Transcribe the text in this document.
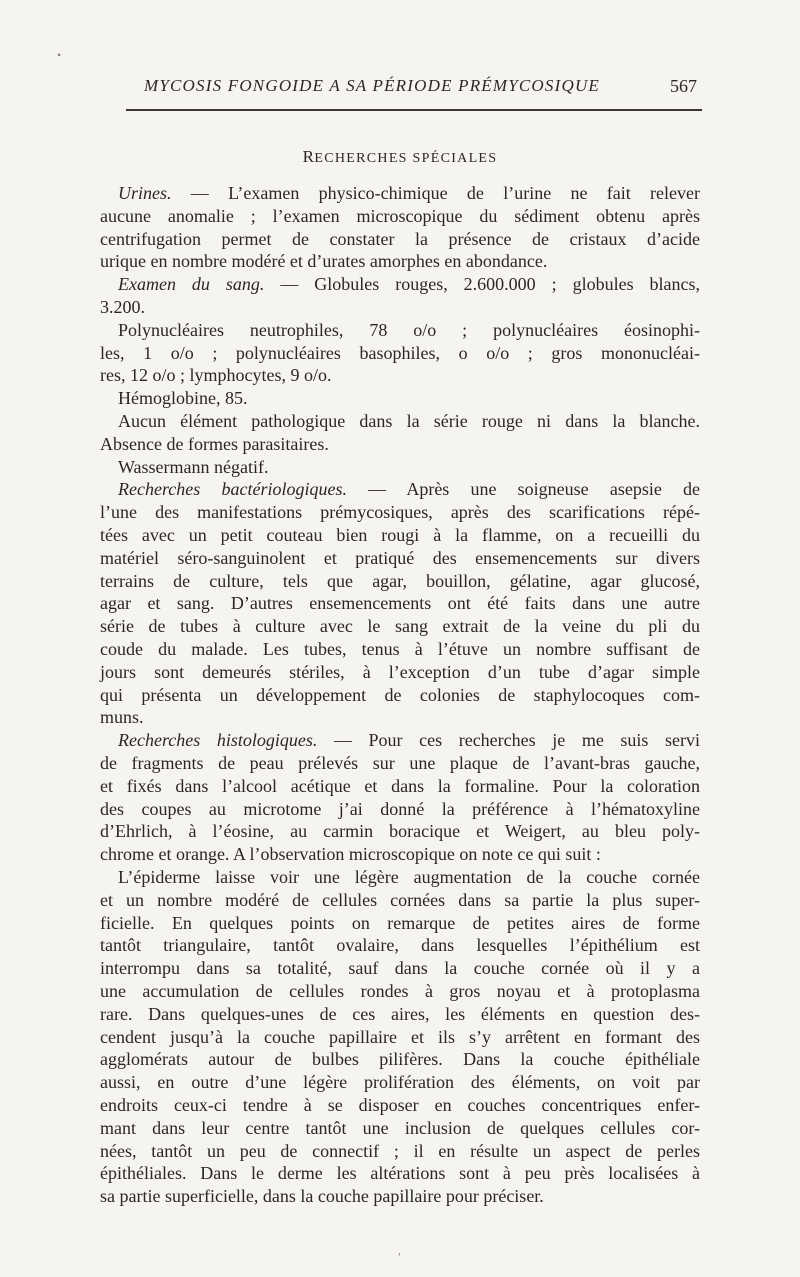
MYCOSIS FONGOIDE A SA PÉRIODE PRÉMYCOSIQUE	567
RECHERCHES SPÉCIALES
Urines. — L’examen physico-chimique de l’urine ne fait relever
aucune anomalie ; l’examen microscopique du sédiment obtenu après
centrifugation permet de constater la présence de cristaux d’acide
urique en nombre modéré et d’urates amorphes en abondance.
Examen du sang. — Globules rouges, 2.600.000 ; globules blancs,
3.200.
Polynucléaires neutrophiles, 78 o/o ; polynucléaires éosinophi-
les, 1 o/o ; polynucléaires basophiles, o o/o ; gros mononucléai-
res, 12 o/o ; lymphocytes, 9 o/o.
Hémoglobine, 85.
Aucun élément pathologique dans la série rouge ni dans la blanche.
Absence de formes parasitaires.
Wassermann négatif.
Recherches bactériologiques. — Après une soigneuse asepsie de
l’une des manifestations prémycosiques, après des scarifications répé-
tées avec un petit couteau bien rougi à la flamme, on a recueilli du
matériel séro-sanguinolent et pratiqué des ensemencements sur divers
terrains de culture, tels que agar, bouillon, gélatine, agar glucosé,
agar et sang. D’autres ensemencements ont été faits dans une autre
série de tubes à culture avec le sang extrait de la veine du pli du
coude du malade. Les tubes, tenus à l’étuve un nombre suffisant de
jours sont demeurés stériles, à l’exception d’un tube d’agar simple
qui présenta un développement de colonies de staphylocoques com-
muns.
Recherches histologiques. — Pour ces recherches je me suis servi
de fragments de peau prélevés sur une plaque de l’avant-bras gauche,
et fixés dans l’alcool acétique et dans la formaline. Pour la coloration
des coupes au microtome j’ai donné la préférence à l’hématoxyline
d’Ehrlich, à l’éosine, au carmin boracique et Weigert, au bleu poly-
chrome et orange. A l’observation microscopique on note ce qui suit :
L’épiderme laisse voir une légère augmentation de la couche cornée
et un nombre modéré de cellules cornées dans sa partie la plus super-
ficielle. En quelques points on remarque de petites aires de forme
tantôt triangulaire, tantôt ovalaire, dans lesquelles l’épithélium est
interrompu dans sa totalité, sauf dans la couche cornée où il y a
une accumulation de cellules rondes à gros noyau et à protoplasma
rare. Dans quelques-unes de ces aires, les éléments en question des-
cendent jusqu’à la couche papillaire et ils s’y arrêtent en formant des
agglomérats autour de bulbes pilifères. Dans la couche épithéliale
aussi, en outre d’une légère prolifération des éléments, on voit par
endroits ceux-ci tendre à se disposer en couches concentriques enfer-
mant dans leur centre tantôt une inclusion de quelques cellules cor-
nées, tantôt un peu de connectif ; il en résulte un aspect de perles
épithéliales. Dans le derme les altérations sont à peu près localisées à
sa partie superficielle, dans la couche papillaire pour préciser.
•
,
